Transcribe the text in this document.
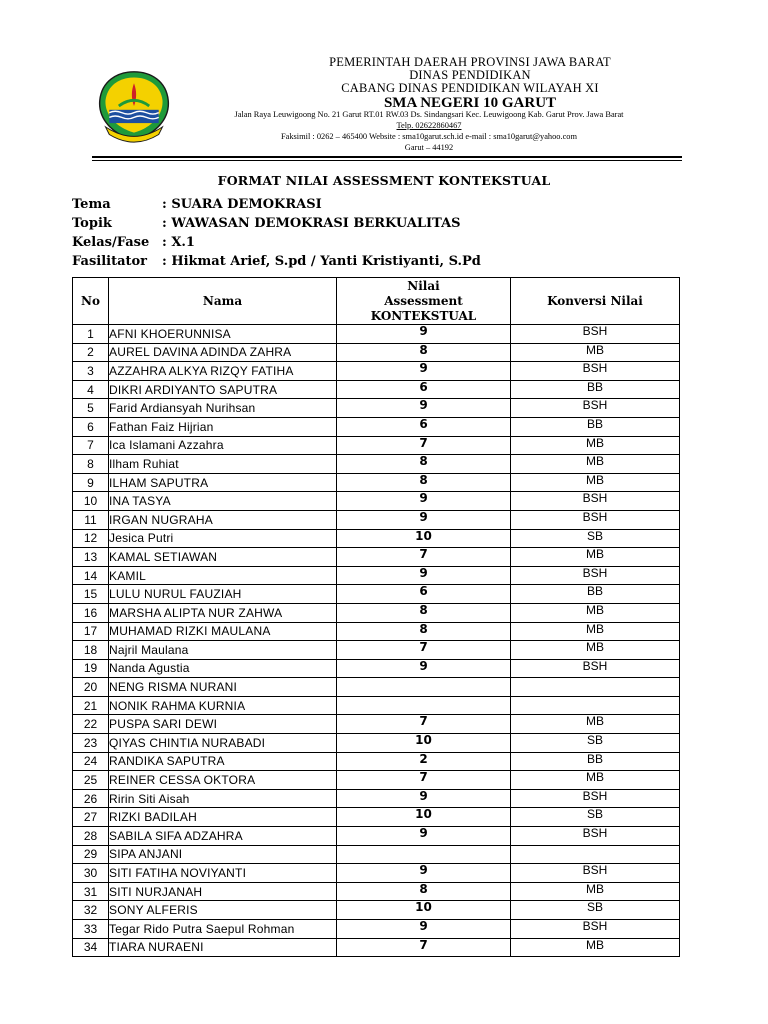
PEMERINTAH DAERAH PROVINSI JAWA BARAT
DINAS PENDIDIKAN
CABANG DINAS PENDIDIKAN WILAYAH XI
SMA NEGERI 10 GARUT
Jalan Raya Leuwigoong No. 21 Garut RT.01 RW.03 Ds. Sindangsari Kec. Leuwigoong Kab. Garut Prov. Jawa Barat
Telp. 02622860467
Faksimil : 0262 – 465400 Website : sma10garut.sch.id e-mail : sma10garut@yahoo.com
Garut – 44192
FORMAT NILAI ASSESSMENT KONTEKSTUAL
Tema	: SUARA DEMOKRASI
Topik	: WAWASAN DEMOKRASI BERKUALITAS
Kelas/Fase : X.1
Fasilitator : Hikmat Arief, S.pd / Yanti Kristiyanti, S.Pd
No	Nama	Nilai
Assessment
KONTEKSTUAL	Konversi Nilai
1	AFNI KHOERUNNISA	9	BSH
2	AUREL DAVINA ADINDA ZAHRA	8	MB
3	AZZAHRA ALKYA RIZQY FATIHA	9	BSH
4	DIKRI ARDIYANTO SAPUTRA	6	BB
5	Farid Ardiansyah Nurihsan	9	BSH
6	Fathan Faiz Hijrian	6	BB
7	Ica Islamani Azzahra	7	MB
8	Ilham Ruhiat	8	MB
9	ILHAM SAPUTRA	8	MB
10	INA TASYA	9	BSH
11	IRGAN NUGRAHA	9	BSH
12	Jesica Putri	10	SB
13	KAMAL SETIAWAN	7	MB
14	KAMIL	9	BSH
15	LULU NURUL FAUZIAH	6	BB
16	MARSHA ALIPTA NUR ZAHWA	8	MB
17	MUHAMAD RIZKI MAULANA	8	MB
18	Najril Maulana	7	MB
19	Nanda Agustia	9	BSH
20	NENG RISMA NURANI		
21	NONIK RAHMA KURNIA		
22	PUSPA SARI DEWI	7	MB
23	QIYAS CHINTIA NURABADI	10	SB
24	RANDIKA SAPUTRA	2	BB
25	REINER CESSA OKTORA	7	MB
26	Ririn Siti Aisah	9	BSH
27	RIZKI BADILAH	10	SB
28	SABILA SIFA ADZAHRA	9	BSH
29	SIPA ANJANI		
30	SITI FATIHA NOVIYANTI	9	BSH
31	SITI NURJANAH	8	MB
32	SONY ALFERIS	10	SB
33	Tegar Rido Putra Saepul Rohman	9	BSH
34	TIARA NURAENI	7	MB
